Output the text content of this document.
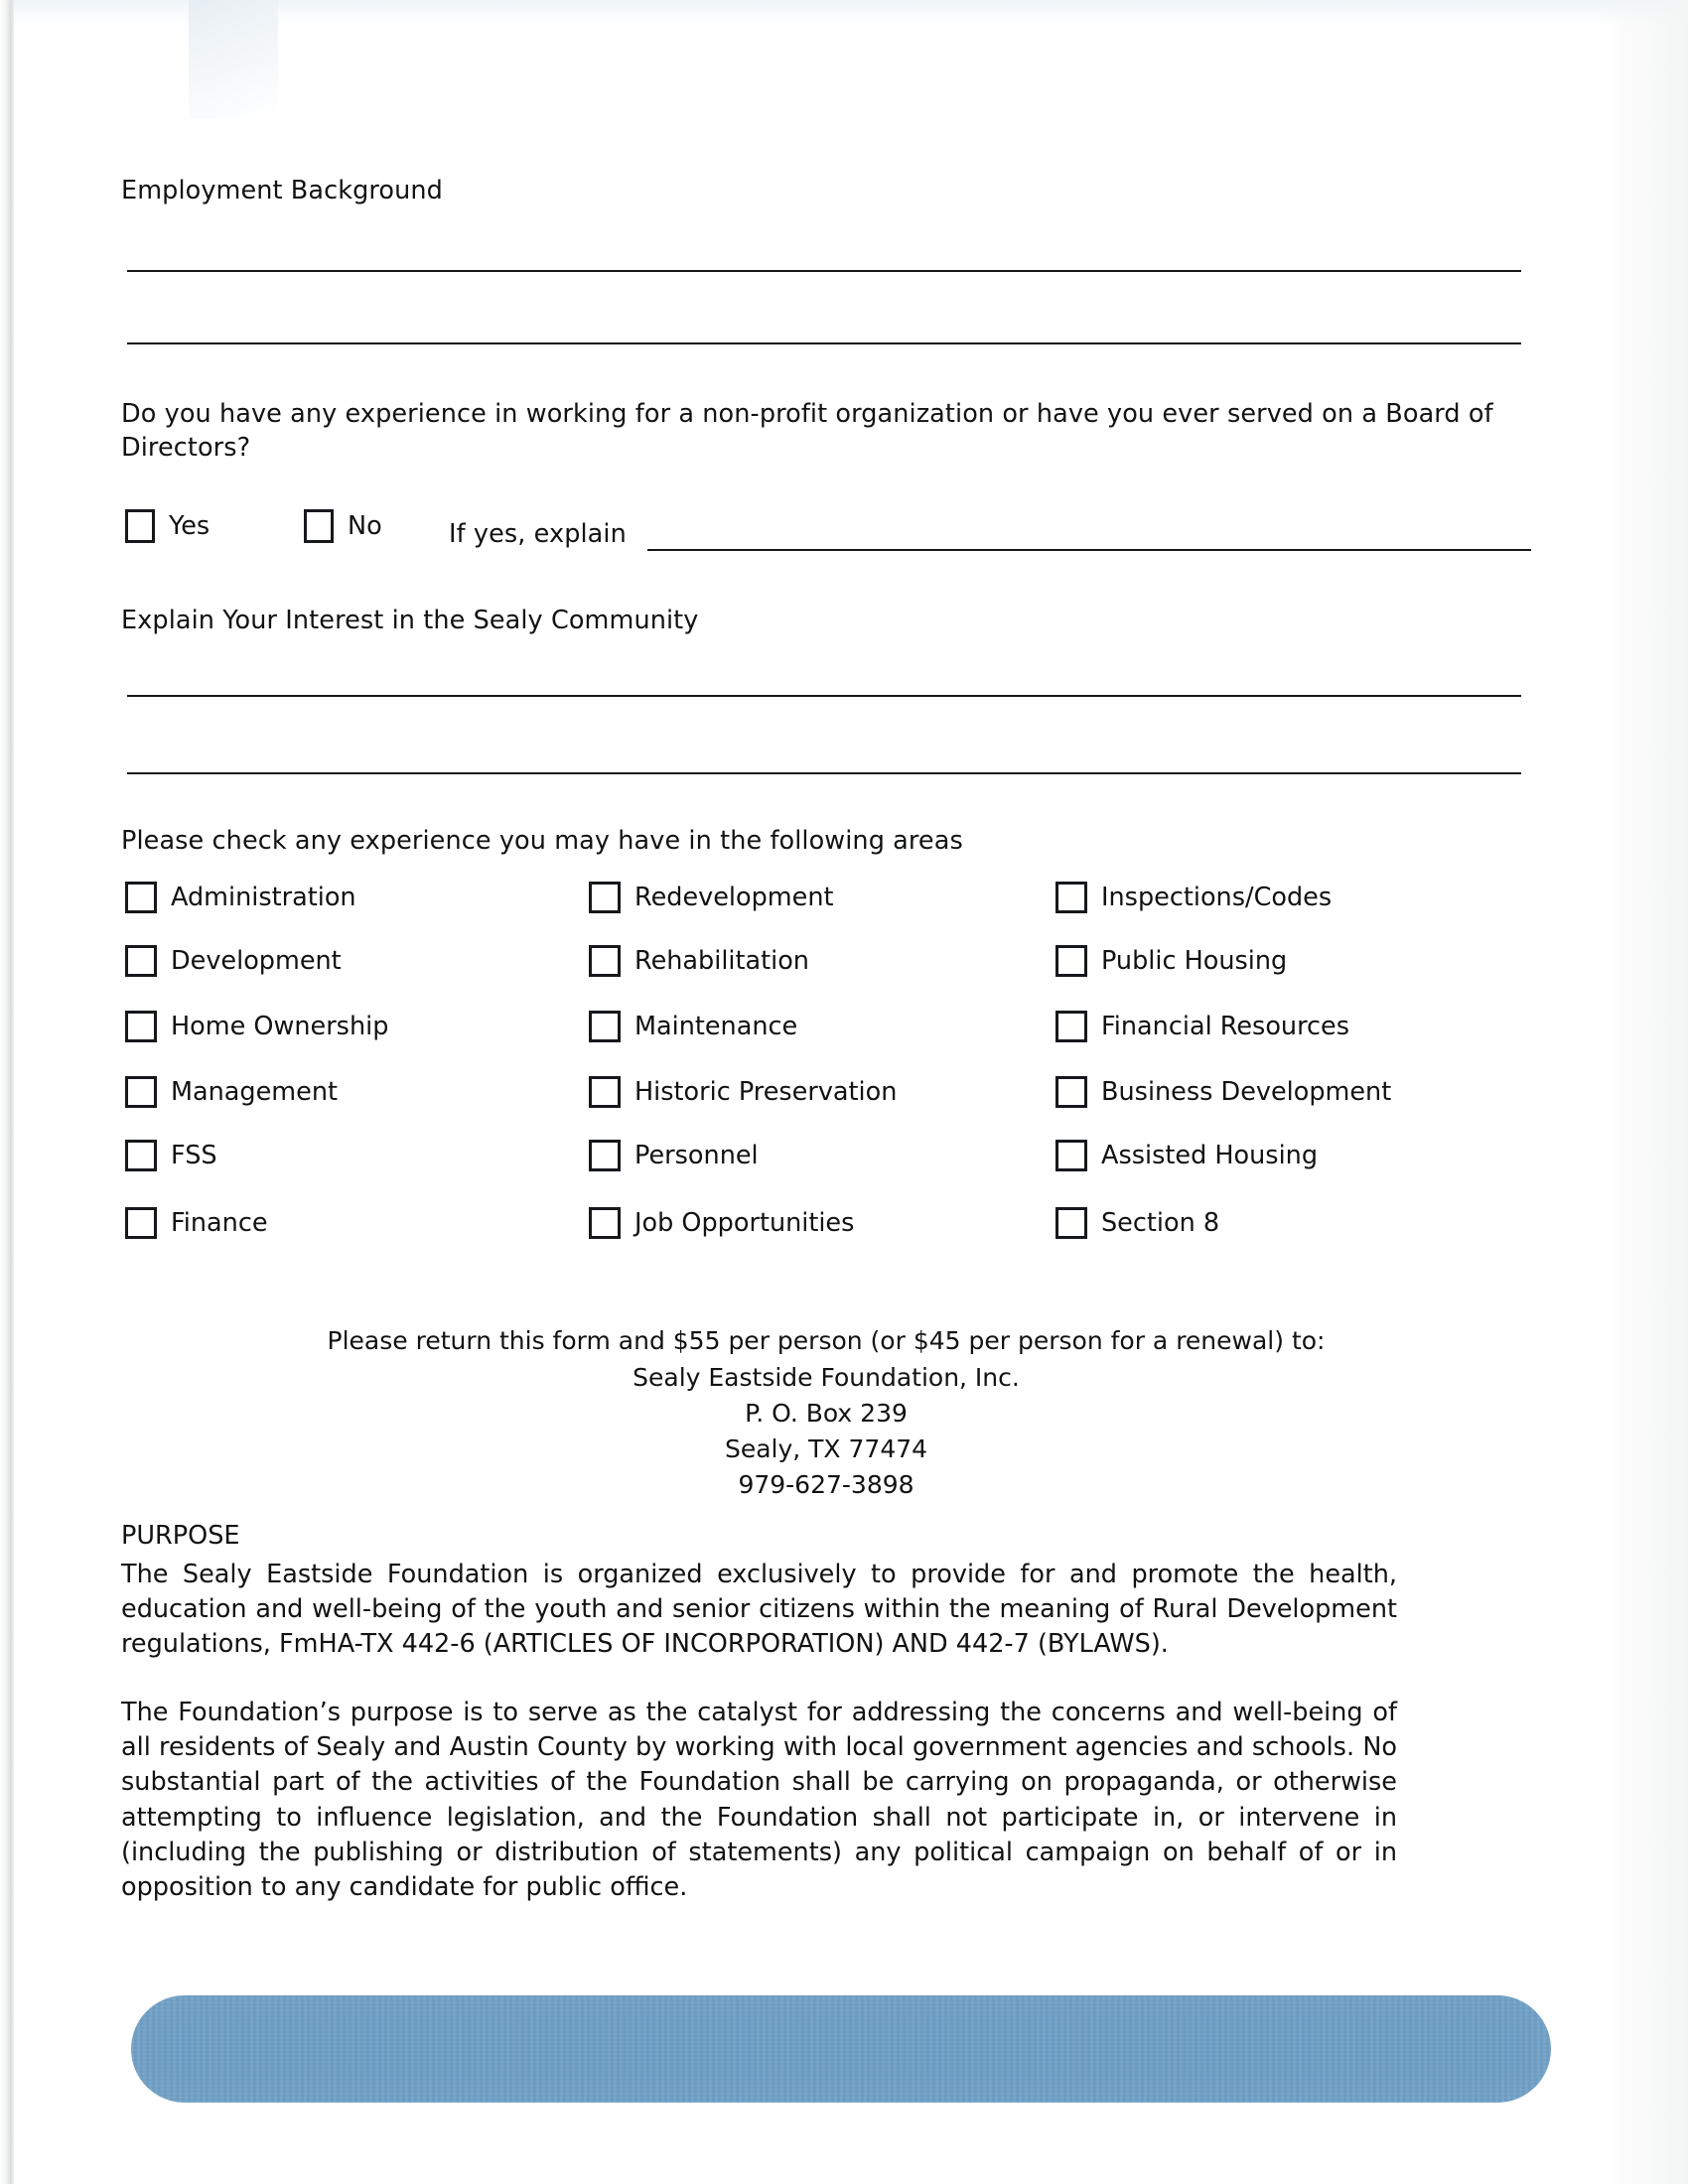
Employment Background
Do you have any experience in working for a non-profit organization or have you ever served on a Board of Directors?
Yes	No	If yes, explain
Explain Your Interest in the Sealy Community
Please check any experience you may have in the following areas
Administration
Development
Home Ownership
Management
FSS
Finance
Redevelopment
Rehabilitation
Maintenance
Historic Preservation
Personnel
Job Opportunities
Inspections/Codes
Public Housing
Financial Resources
Business Development
Assisted Housing
Section 8
Please return this form and $55 per person (or $45 per person for a renewal) to:
Sealy Eastside Foundation, Inc.
P. O. Box 239
Sealy, TX 77474
979-627-3898
PURPOSE
The Sealy Eastside Foundation is organized exclusively to provide for and promote the health, education and well-being of the youth and senior citizens within the meaning of Rural Development regulations, FmHA-TX 442-6 (ARTICLES OF INCORPORATION) AND 442-7 (BYLAWS).
The Foundation’s purpose is to serve as the catalyst for addressing the concerns and well-being of all residents of Sealy and Austin County by working with local government agencies and schools. No substantial part of the activities of the Foundation shall be carrying on propaganda, or otherwise attempting to influence legislation, and the Foundation shall not participate in, or intervene in (including the publishing or distribution of statements) any political campaign on behalf of or in opposition to any candidate for public office.
